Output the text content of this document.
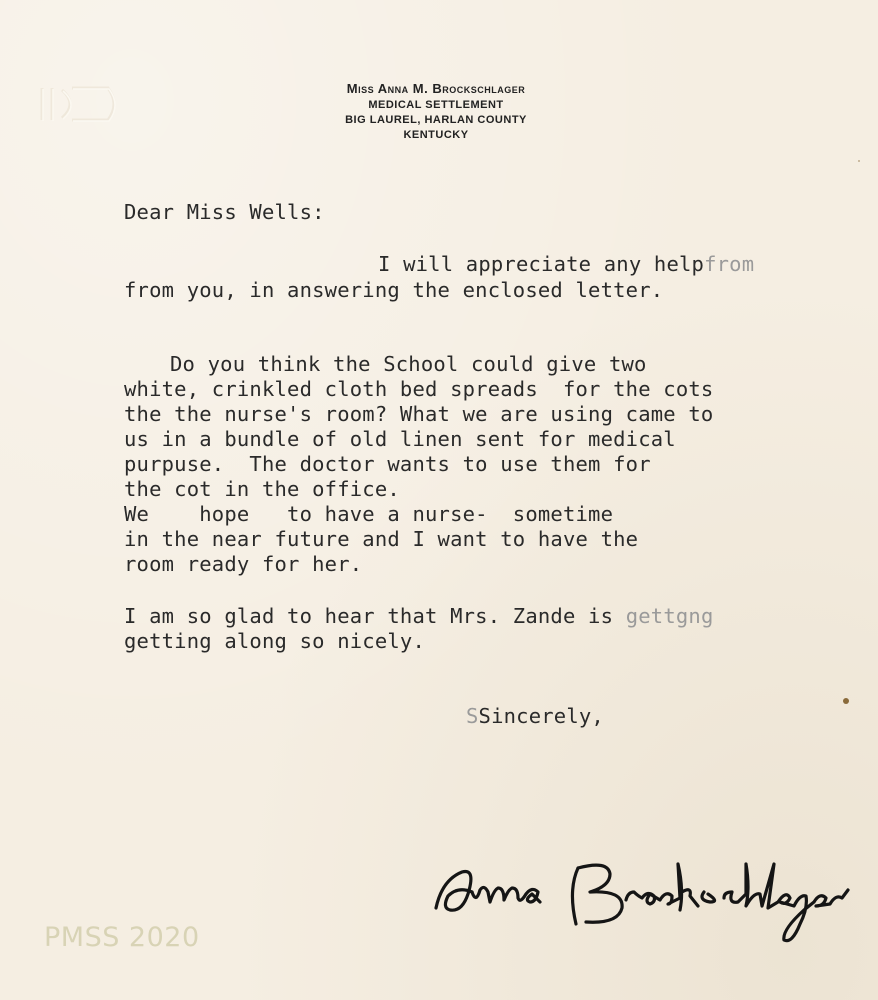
Miss Anna M. Brockschlager
MEDICAL SETTLEMENT
BIG LAUREL, HARLAN COUNTY
KENTUCKY
Dear Miss Wells:
I will appreciate any helpfrom
from you, in answering the enclosed letter.
Do you think the School could give two
white, crinkled cloth bed spreads  for the cots
the the nurse's room? What we are using came to
us in a bundle of old linen sent for medical
purpuse.  The doctor wants to use them for
the cot in the office.
We    hope   to have a nurse-  sometime
in the near future and I want to have the
room ready for her.
I am so glad to hear that Mrs. Zande is gettgng
getting along so nicely.
SSincerely,
PMSS 2020
